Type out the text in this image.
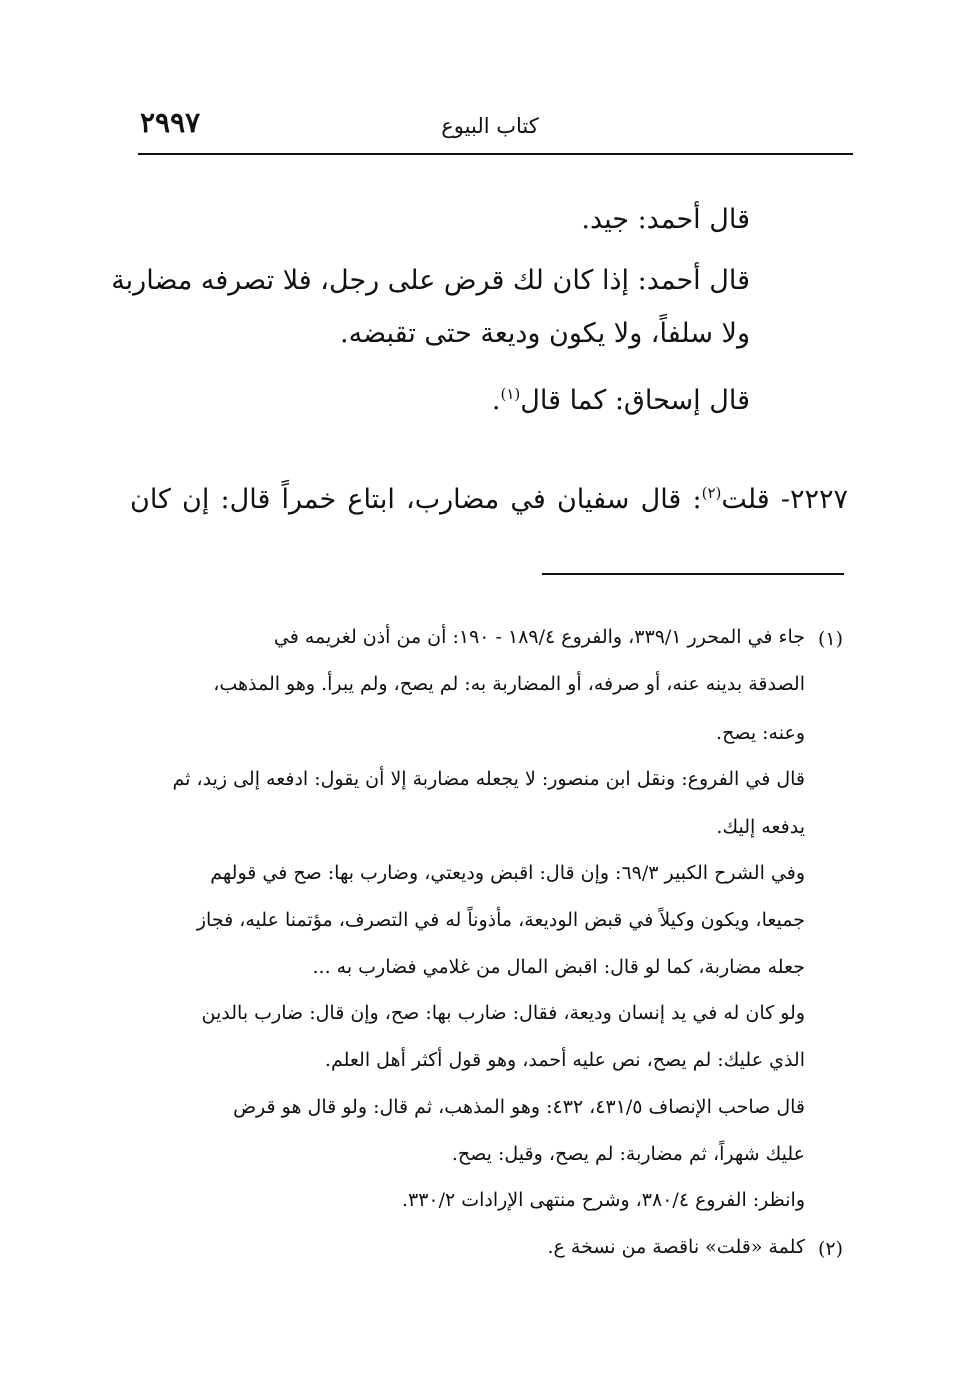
٢٩٩٧	كتاب البيوع

قال أحمد: جيد.

قال أحمد: إذا كان لك قرض على رجل، فلا تصرفه مضاربة

ولا سلفاً، ولا يكون وديعة حتى تقبضه.

قال إسحاق: كما قال$^{(١)}$.

٢٢٢٧- قلت$^{(٢)}$: قال سفيان في مضارب، ابتاع خمراً قال: إن كان
(١)
جاء في المحرر ٣٣٩/١، والفروع ١٨٩/٤ - ١٩٠: أن من أذن لغريمه في
الصدقة بدينه عنه، أو صرفه، أو المضاربة به: لم يصح، ولم يبرأ. وهو المذهب،
وعنه: يصح.
قال في الفروع: ونقل ابن منصور: لا يجعله مضاربة إلا أن يقول: ادفعه إلى زيد، ثم
يدفعه إليك.
وفي الشرح الكبير ٦٩/٣: وإن قال: اقبض وديعتي، وضارب بها: صح في قولهم
جميعا، ويكون وكيلاً في قبض الوديعة، مأذوناً له في التصرف، مؤتمنا عليه، فجاز
جعله مضاربة، كما لو قال: اقبض المال من غلامي فضارب به ...
ولو كان له في يد إنسان وديعة، فقال: ضارب بها: صح، وإن قال: ضارب بالدين
الذي عليك: لم يصح، نص عليه أحمد، وهو قول أكثر أهل العلم.
قال صاحب الإنصاف ٤٣١/٥، ٤٣٢: وهو المذهب، ثم قال: ولو قال هو قرض
عليك شهراً، ثم مضاربة: لم يصح، وقيل: يصح.
وانظر: الفروع ٣٨٠/٤، وشرح منتهى الإرادات ٣٣٠/٢.
(٢)
كلمة «قلت» ناقصة من نسخة ع.
